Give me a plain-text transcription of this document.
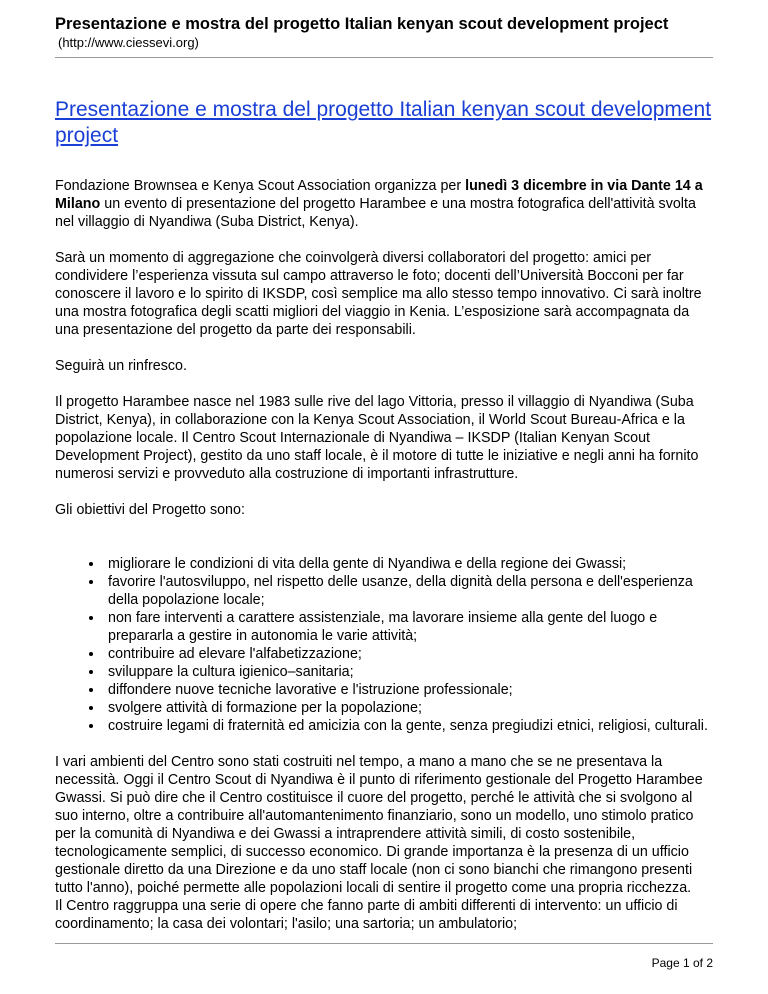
Presentazione e mostra del progetto Italian kenyan scout development project
(http://www.ciessevi.org)
Presentazione e mostra del progetto Italian kenyan scout development project

Fondazione Brownsea e Kenya Scout Association organizza per lunedì 3 dicembre in via Dante 14 a Milano un evento di presentazione del progetto Harambee e una mostra fotografica dell'attività svolta nel villaggio di Nyandiwa (Suba District, Kenya).

Sarà un momento di aggregazione che coinvolgerà diversi collaboratori del progetto: amici per condividere l’esperienza vissuta sul campo attraverso le foto; docenti dell’Università Bocconi per far conoscere il lavoro e lo spirito di IKSDP, così semplice ma allo stesso tempo innovativo. Ci sarà inoltre una mostra fotografica degli scatti migliori del viaggio in Kenia. L’esposizione sarà accompagnata da una presentazione del progetto da parte dei responsabili.

Seguirà un rinfresco.

Il progetto Harambee nasce nel 1983 sulle rive del lago Vittoria, presso il villaggio di Nyandiwa (Suba District, Kenya), in collaborazione con la Kenya Scout Association, il World Scout Bureau-Africa e la popolazione locale. Il Centro Scout Internazionale di Nyandiwa – IKSDP (Italian Kenyan Scout Development Project), gestito da uno staff locale, è il motore di tutte le iniziative e negli anni ha fornito numerosi servizi e provveduto alla costruzione di importanti infrastrutture.

Gli obiettivi del Progetto sono:

• migliorare le condizioni di vita della gente di Nyandiwa e della regione dei Gwassi;
• favorire l'autosviluppo, nel rispetto delle usanze, della dignità della persona e dell'esperienza della popolazione locale;
• non fare interventi a carattere assistenziale, ma lavorare insieme alla gente del luogo e prepararla a gestire in autonomia le varie attività;
• contribuire ad elevare l'alfabetizzazione;
• sviluppare la cultura igienico–sanitaria;
• diffondere nuove tecniche lavorative e l'istruzione professionale;
• svolgere attività di formazione per la popolazione;
• costruire legami di fraternità ed amicizia con la gente, senza pregiudizi etnici, religiosi, culturali.

I vari ambienti del Centro sono stati costruiti nel tempo, a mano a mano che se ne presentava la necessità. Oggi il Centro Scout di Nyandiwa è il punto di riferimento gestionale del Progetto Harambee Gwassi. Si può dire che il Centro costituisce il cuore del progetto, perché le attività che si svolgono al suo interno, oltre a contribuire all'automantenimento finanziario, sono un modello, uno stimolo pratico per la comunità di Nyandiwa e dei Gwassi a intraprendere attività simili, di costo sostenibile, tecnologicamente semplici, di successo economico. Di grande importanza è la presenza di un ufficio gestionale diretto da una Direzione e da uno staff locale (non ci sono bianchi che rimangono presenti tutto l'anno), poiché permette alle popolazioni locali di sentire il progetto come una propria ricchezza.

Il Centro raggruppa una serie di opere che fanno parte di ambiti differenti di intervento: un ufficio di coordinamento; la casa dei volontari; l'asilo; una sartoria; un ambulatorio;

Page 1 of 2
